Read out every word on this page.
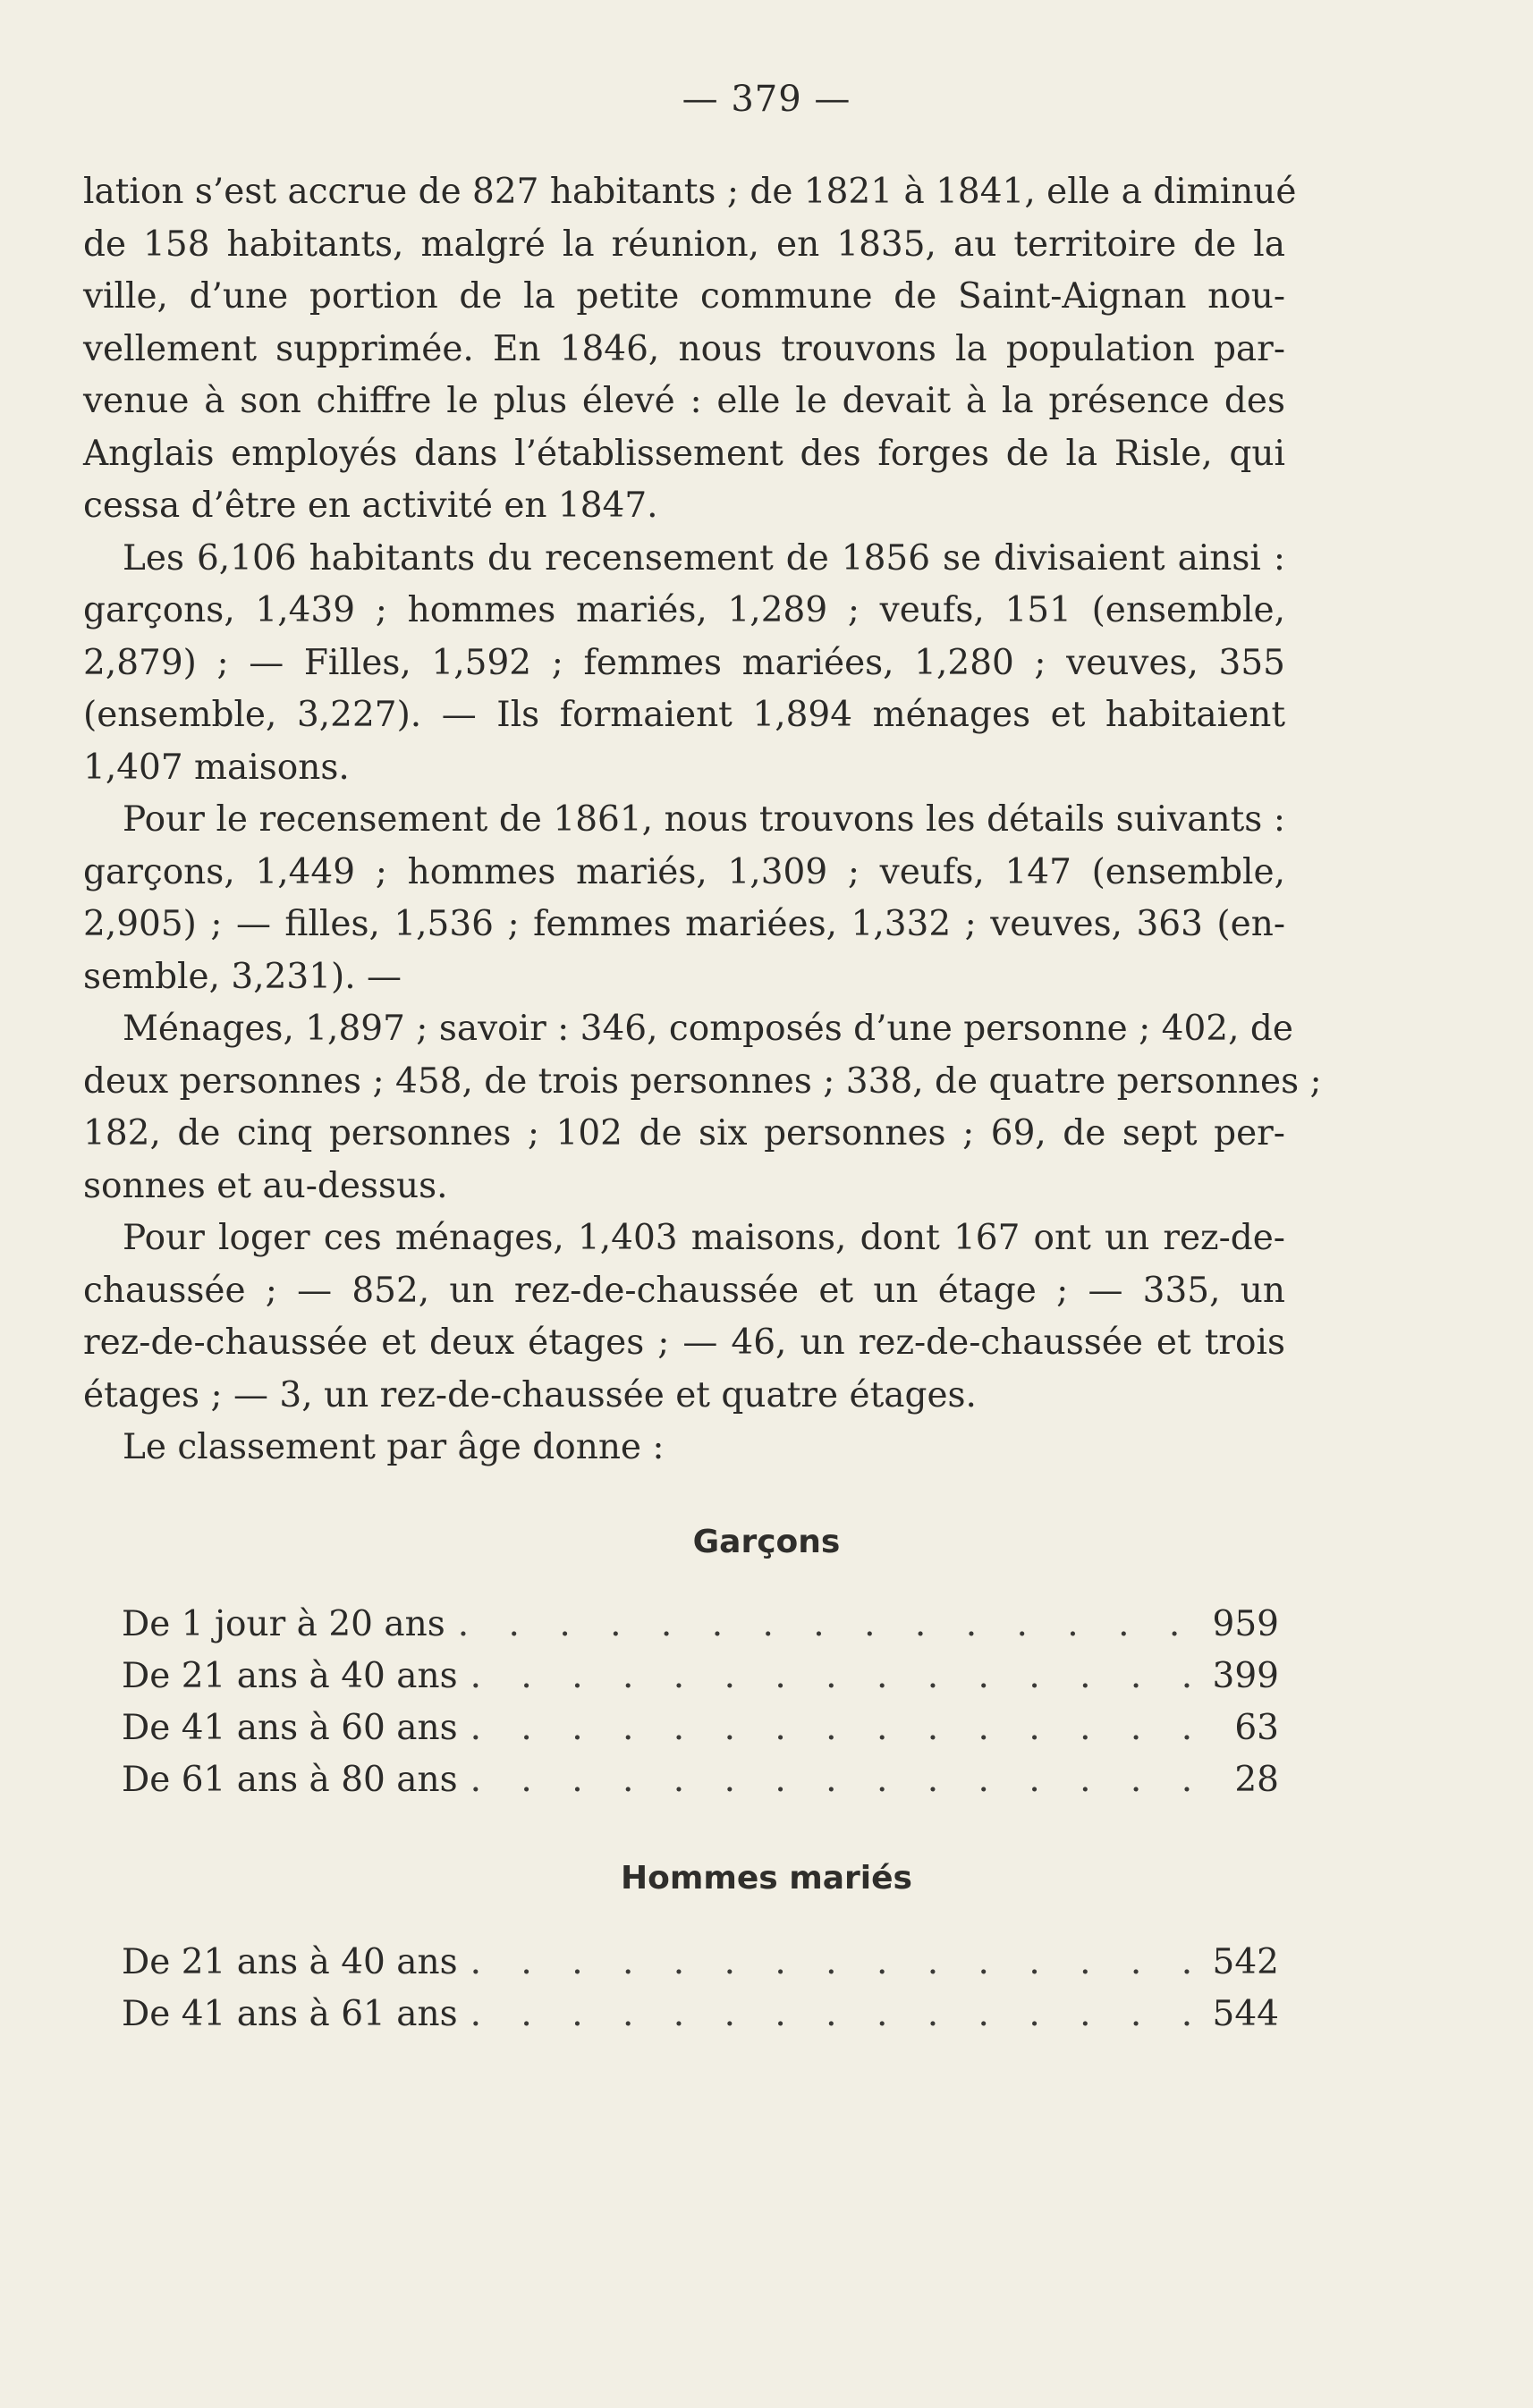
— 379 —
lation s’est accrue de 827 habitants ; de 1821 à 1841, elle a diminué
de 158 habitants, malgré la réunion, en 1835, au territoire de la
ville, d’une portion de la petite commune de Saint-Aignan nou-
vellement supprimée. En 1846, nous trouvons la population par-
venue à son chiffre le plus élevé : elle le devait à la présence des
Anglais employés dans l’établissement des forges de la Risle, qui
cessa d’être en activité en 1847.
Les 6,106 habitants du recensement de 1856 se divisaient ainsi :
garçons, 1,439 ; hommes mariés, 1,289 ; veufs, 151 (ensemble,
2,879) ; — Filles, 1,592 ; femmes mariées, 1,280 ; veuves, 355
(ensemble, 3,227). — Ils formaient 1,894 ménages et habitaient
1,407 maisons.
Pour le recensement de 1861, nous trouvons les détails suivants :
garçons, 1,449 ; hommes mariés, 1,309 ; veufs, 147 (ensemble,
2,905) ; — filles, 1,536 ; femmes mariées, 1,332 ; veuves, 363 (en-
semble, 3,231). —
Ménages, 1,897 ; savoir : 346, composés d’une personne ; 402, de
deux personnes ; 458, de trois personnes ; 338, de quatre personnes ;
182, de cinq personnes ; 102 de six personnes ; 69, de sept per-
sonnes et au-dessus.
Pour loger ces ménages, 1,403 maisons, dont 167 ont un rez-de-
chaussée ; — 852, un rez-de-chaussée et un étage ; — 335, un
rez-de-chaussée et deux étages ; — 46, un rez-de-chaussée et trois
étages ; — 3, un rez-de-chaussée et quatre étages.
Le classement par âge donne :
Garçons
De 1 jour à 20 ans . . .	959
De 21 ans à 40 ans . . .	399
De 41 ans à 60 ans . . .	63
De 61 ans à 80 ans . . .	28
Hommes mariés
De 21 ans à 40 ans . . .	542
De 41 ans à 61 ans . . .	544
